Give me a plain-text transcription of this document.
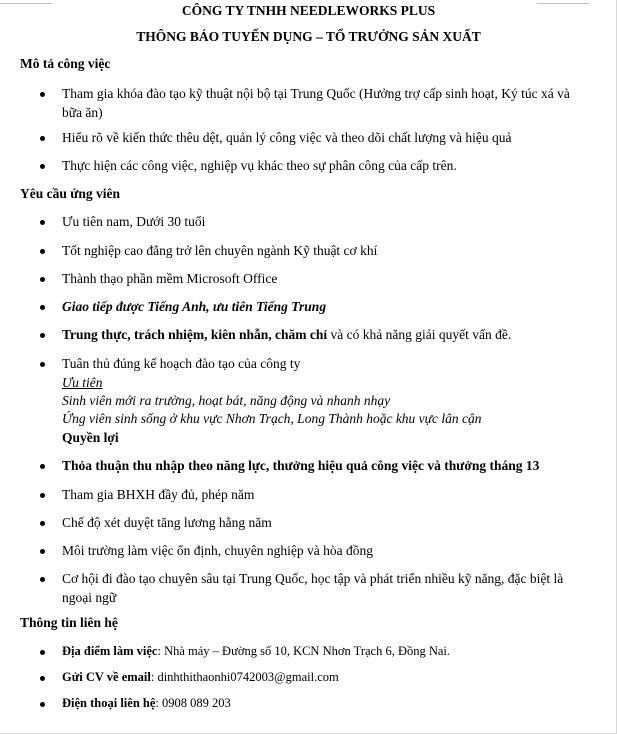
CÔNG TY TNHH NEEDLEWORKS PLUS
THÔNG BÁO TUYỂN DỤNG – TỔ TRƯỞNG SẢN XUẤT
Mô tả công việc
Tham gia khóa đào tạo kỹ thuật nội bộ tại Trung Quốc (Hưởng trợ cấp sinh hoạt, Ký túc xá và bữa ăn)
Hiểu rõ về kiến thức thêu dệt, quản lý công việc và theo dõi chất lượng và hiệu quả
Thực hiện các công việc, nghiệp vụ khác theo sự phân công của cấp trên.
Yêu cầu ứng viên
Ưu tiên nam, Dưới 30 tuổi
Tốt nghiệp cao đẳng trở lên chuyên ngành Kỹ thuật cơ khí
Thành thạo phần mềm Microsoft Office
Giao tiếp được Tiếng Anh, ưu tiên Tiếng Trung
Trung thực, trách nhiệm, kiên nhẫn, chăm chỉ và có khả năng giải quyết vấn đề.
Tuân thủ đúng kế hoạch đào tạo của công ty
Ưu tiên
Sinh viên mới ra trường, hoạt bát, năng động và nhanh nhạy
Ứng viên sinh sống ở khu vực Nhơn Trạch, Long Thành hoặc khu vực lân cận
Quyền lợi
Thỏa thuận thu nhập theo năng lực, thưởng hiệu quả công việc và thưởng tháng 13
Tham gia BHXH đầy đủ, phép năm
Chế độ xét duyệt tăng lương hằng năm
Môi trường làm việc ổn định, chuyên nghiệp và hòa đồng
Cơ hội đi đào tạo chuyên sâu tại Trung Quốc, học tập và phát triển nhiều kỹ năng, đặc biệt là ngoại ngữ
Thông tin liên hệ
Địa điểm làm việc: Nhà máy – Đường số 10, KCN Nhơn Trạch 6, Đồng Nai.
Gửi CV về email: dinhthithaonhi0742003@gmail.com
Điện thoại liên hệ: 0908 089 203
